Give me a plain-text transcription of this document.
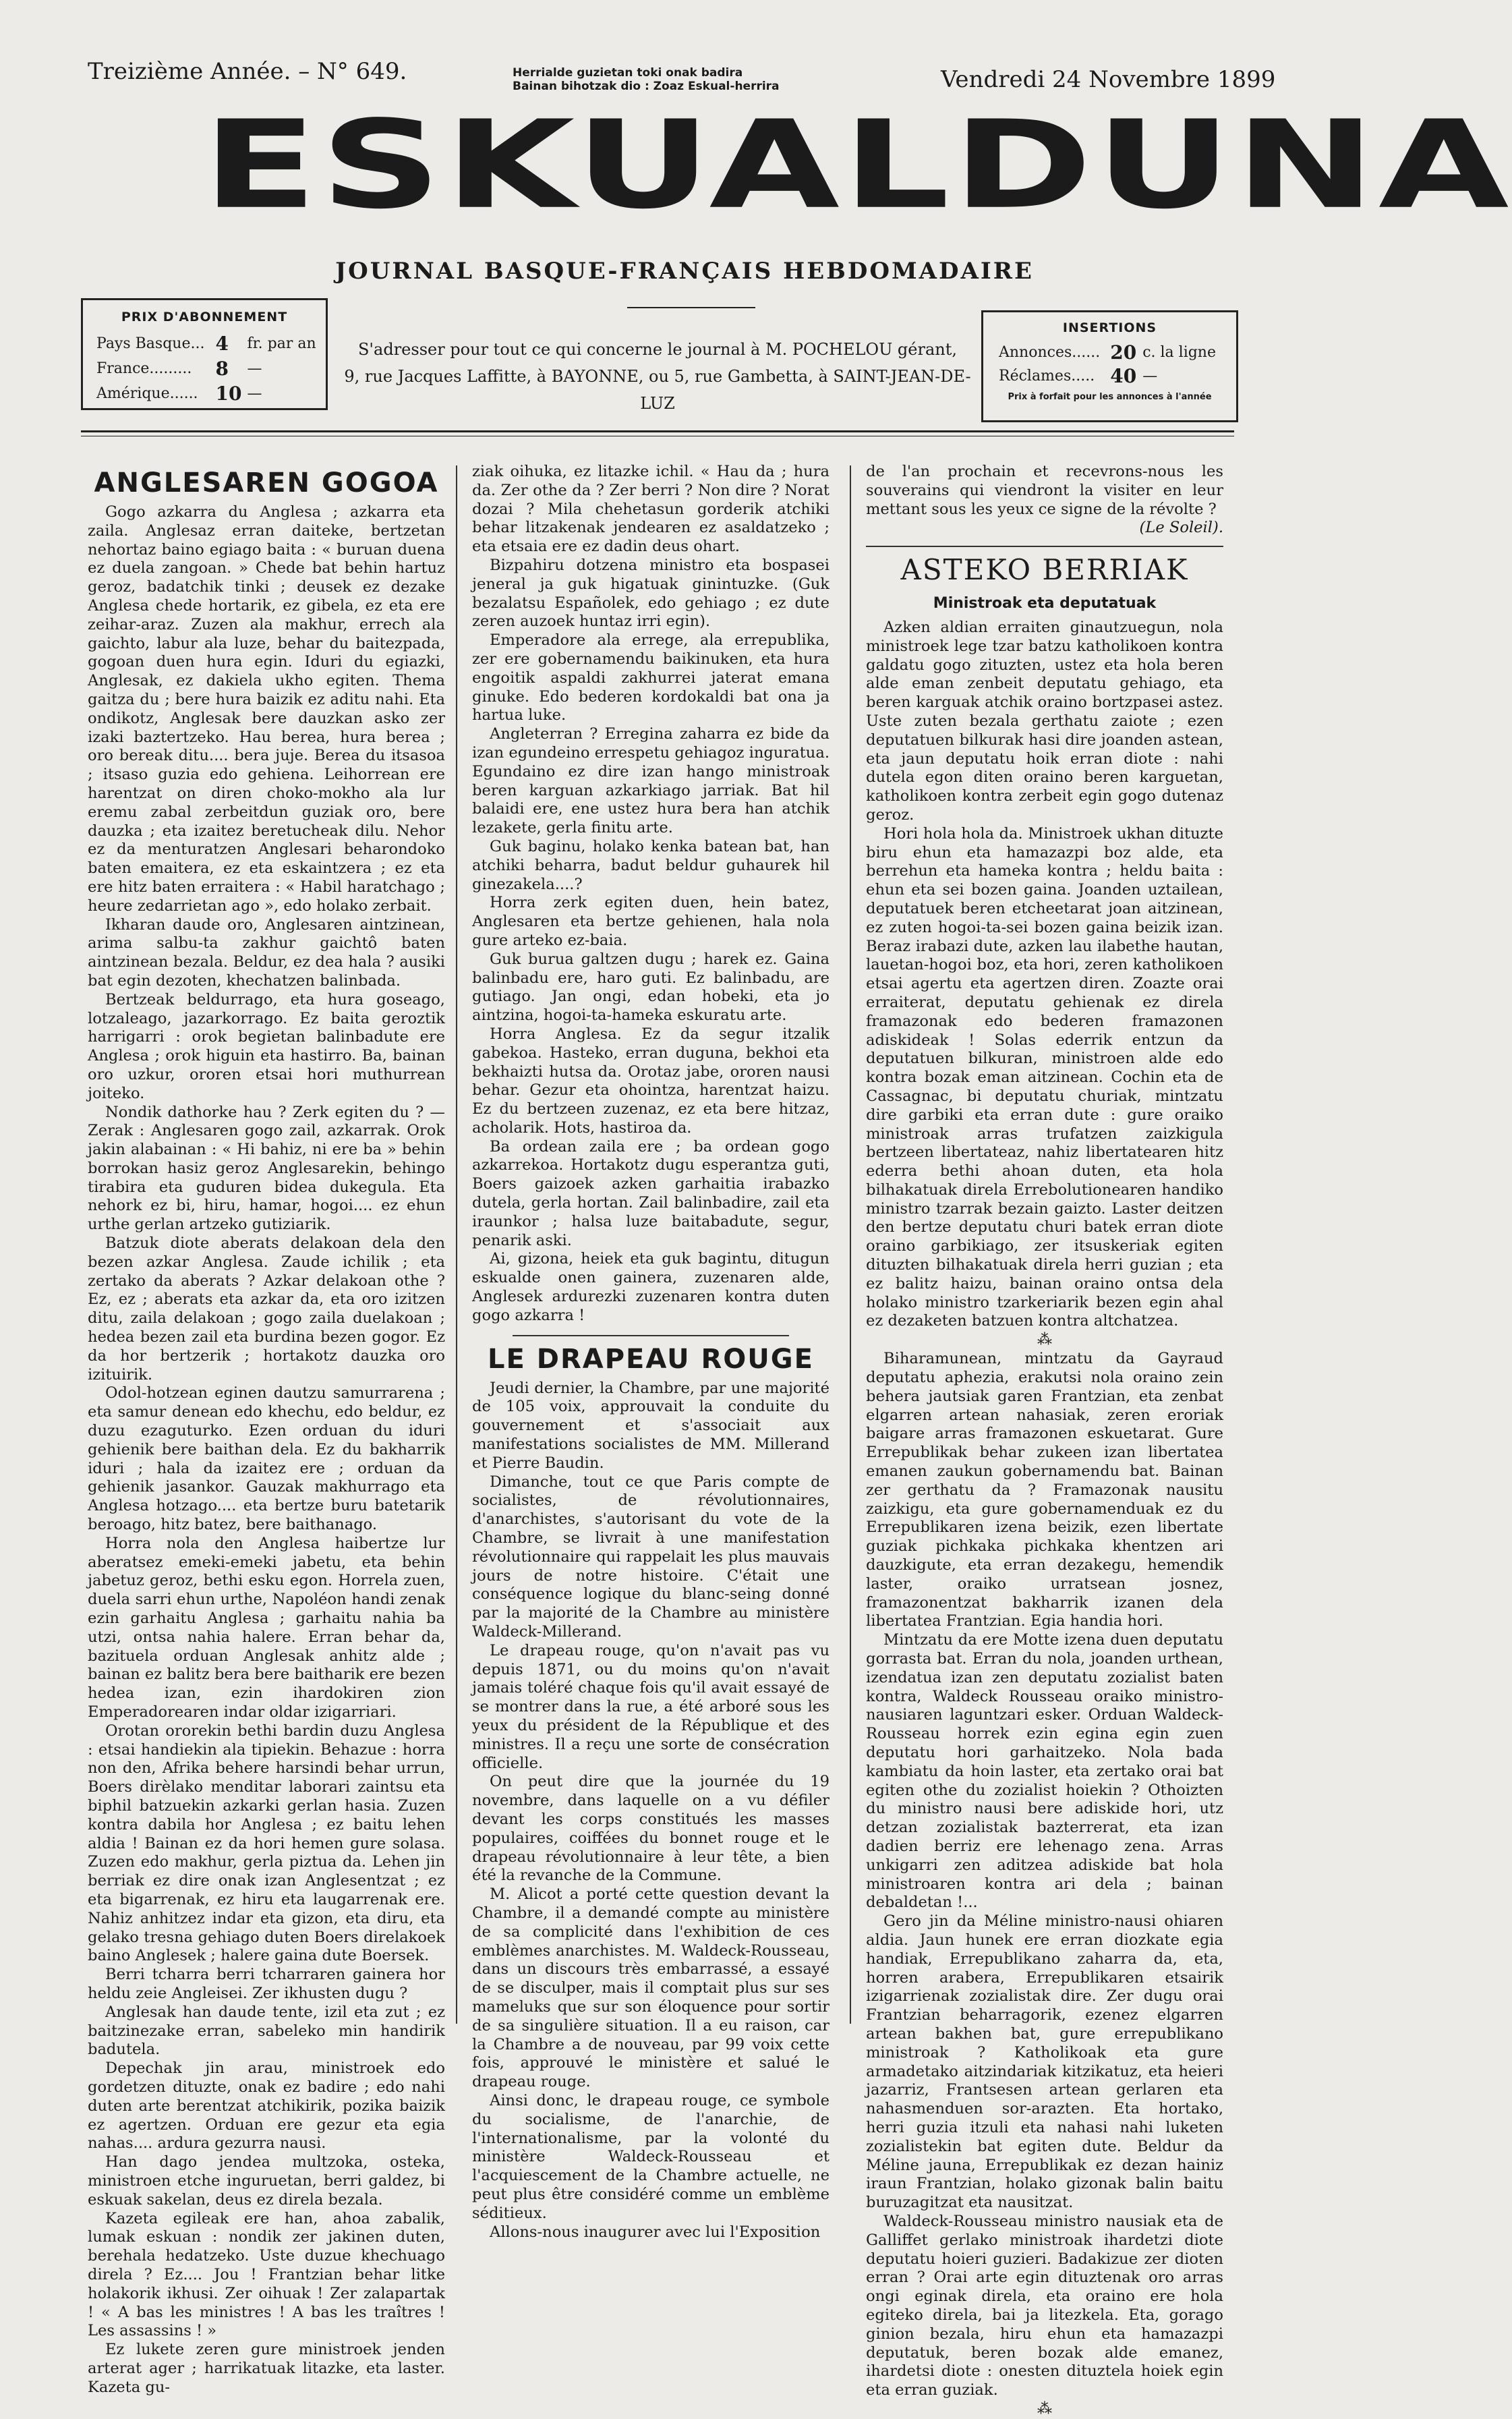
Treizième Année. – N° 649.	Herrialde guzietan toki onak badira
Bainan bihotzak dio : Zoaz Eskual-herrira	Vendredi 24 Novembre 1899
ESKUALDUNA
JOURNAL BASQUE-FRANÇAIS HEBDOMADAIRE
PRIX D'ABONNEMENT
Pays Basque...	4	fr. par an
France.........	8	—
Amérique......	10	—
S'adresser pour tout ce qui concerne le journal à M. POCHELOU gérant,
9, rue Jacques Laffitte, à BAYONNE, ou 5, rue Gambetta, à SAINT-JEAN-DE-LUZ
INSERTIONS
Annonces......	20	c. la ligne
Réclames.....	40	—
Prix à forfait pour les annonces à l'année
ANGLESAREN GOGOA

Gogo azkarra du Anglesa ; azkarra eta zaila. Anglesaz erran daiteke, bertzetan nehortaz baino egiago baita : « buruan duena ez duela zangoan. » Chede bat behin hartuz geroz, badatchik tinki ; deusek ez dezake Anglesa chede hortarik, ez gibela, ez eta ere zeihar-araz. Zuzen ala makhur, errech ala gaichto, labur ala luze, behar du baitezpada, gogoan duen hura egin. Iduri du egiazki, Anglesak, ez dakiela ukho egiten. Thema gaitza du ; bere hura baizik ez aditu nahi. Eta ondikotz, Anglesak bere dauzkan asko zer izaki baztertzeko. Hau berea, hura berea ; oro bereak ditu.... bera juje. Berea du itsasoa ; itsaso guzia edo gehiena. Leihorrean ere harentzat on diren choko-mokho ala lur eremu zabal zerbeitdun guziak oro, bere dauzka ; eta izaitez beretucheak dilu. Nehor ez da menturatzen Anglesari beharondoko baten emaitera, ez eta eskaintzera ; ez eta ere hitz baten erraitera : « Habil haratchago ; heure zedarrietan ago », edo holako zerbait.

Ikharan daude oro, Anglesaren aintzinean, arima salbu-ta zakhur gaichtô baten aintzinean bezala. Beldur, ez dea hala ? ausiki bat egin dezoten, khechatzen balinbada.

Bertzeak beldurrago, eta hura goseago, lotzaleago, jazarkorrago. Ez baita geroztik harrigarri : orok begietan balinbadute ere Anglesa ; orok higuin eta hastirro. Ba, bainan oro uzkur, ororen etsai hori muthurrean joiteko.

Nondik dathorke hau ? Zerk egiten du ? — Zerak : Anglesaren gogo zail, azkarrak. Orok jakin alabainan : « Hi bahiz, ni ere ba » behin borrokan hasiz geroz Anglesarekin, behingo tirabira eta guduren bidea dukegula. Eta nehork ez bi, hiru, hamar, hogoi.... ez ehun urthe gerlan artzeko gutiziarik.

Batzuk diote aberats delakoan dela den bezen azkar Anglesa. Zaude ichilik ; eta zertako da aberats ? Azkar delakoan othe ? Ez, ez ; aberats eta azkar da, eta oro izitzen ditu, zaila delakoan ; gogo zaila duelakoan ; hedea bezen zail eta burdina bezen gogor. Ez da hor bertzerik ; hortakotz dauzka oro izituirik.

Odol-hotzean eginen dautzu samurrarena ; eta samur denean edo khechu, edo beldur, ez duzu ezaguturko. Ezen orduan du iduri gehienik bere baithan dela. Ez du bakharrik iduri ; hala da izaitez ere ; orduan da gehienik jasankor. Gauzak makhurrago eta Anglesa hotzago.... eta bertze buru batetarik beroago, hitz batez, bere baithanago.

Horra nola den Anglesa haibertze lur aberatsez emeki-emeki jabetu, eta behin jabetuz geroz, bethi esku egon. Horrela zuen, duela sarri ehun urthe, Napoléon handi zenak ezin garhaitu Anglesa ; garhaitu nahia ba utzi, ontsa nahia halere. Erran behar da, bazituela orduan Anglesak anhitz alde ; bainan ez balitz bera bere baitharik ere bezen hedea izan, ezin ihardokiren zion Emperadorearen indar oldar izigarriari.

Orotan ororekin bethi bardin duzu Anglesa : etsai handiekin ala tipiekin. Behazue : horra non den, Afrika behere harsindi behar urrun, Boers dirèlako menditar laborari zaintsu eta biphil batzuekin azkarki gerlan hasia. Zuzen kontra dabila hor Anglesa ; ez baitu lehen aldia ! Bainan ez da hori hemen gure solasa. Zuzen edo makhur, gerla piztua da. Lehen jin berriak ez dire onak izan Anglesentzat ; ez eta bigarrenak, ez hiru eta laugarrenak ere. Nahiz anhitzez indar eta gizon, eta diru, eta gelako tresna gehiago duten Boers direlakoek baino Anglesek ; halere gaina dute Boersek.

Berri tcharra berri tcharraren gainera hor heldu zeie Angleisei. Zer ikhusten dugu ?

Anglesak han daude tente, izil eta zut ; ez baitzinezake erran, sabeleko min handirik badutela.

Depechak jin arau, ministroek edo gordetzen dituzte, onak ez badire ; edo nahi duten arte berentzat atchikirik, pozika baizik ez agertzen. Orduan ere gezur eta egia nahas.... ardura gezurra nausi.

Han dago jendea multzoka, osteka, ministroen etche inguruetan, berri galdez, bi eskuak sakelan, deus ez direla bezala.

Kazeta egileak ere han, ahoa zabalik, lumak eskuan : nondik zer jakinen duten, berehala hedatzeko. Uste duzue khechuago direla ? Ez.... Jou ! Frantzian behar litke holakorik ikhusi. Zer oihuak ! Zer zalapartak ! « A bas les ministres ! A bas les traîtres ! Les assassins ! »

Ez lukete zeren gure ministroek jenden arterat ager ; harrikatuak litazke, eta laster. Kazeta gu-

ziak oihuka, ez litazke ichil. « Hau da ; hura da. Zer othe da ? Zer berri ? Non dire ? Norat dozai ? Mila chehetasun gorderik atchiki behar litzakenak jendearen ez asaldatzeko ; eta etsaia ere ez dadin deus ohart.

Bizpahiru dotzena ministro eta bospasei jeneral ja guk higatuak ginintuzke. (Guk bezalatsu Españolek, edo gehiago ; ez dute zeren auzoek huntaz irri egin).

Emperadore ala errege, ala errepublika, zer ere gobernamendu baikinuken, eta hura engoitik aspaldi zakhurrei jaterat emana ginuke. Edo bederen kordokaldi bat ona ja hartua luke.

Angleterran ? Erregina zaharra ez bide da izan egundeino errespetu gehiagoz inguratua. Egundaino ez dire izan hango ministroak beren karguan azkarkiago jarriak. Bat hil balaidi ere, ene ustez hura bera han atchik lezakete, gerla finitu arte.

Guk baginu, holako kenka batean bat, han atchiki beharra, badut beldur guhaurek hil ginezakela....?

Horra zerk egiten duen, hein batez, Anglesaren eta bertze gehienen, hala nola gure arteko ez-baia.

Guk burua galtzen dugu ; harek ez. Gaina balinbadu ere, haro guti. Ez balinbadu, are gutiago. Jan ongi, edan hobeki, eta jo aintzina, hogoi-ta-hameka eskuratu arte.

Horra Anglesa. Ez da segur itzalik gabekoa. Hasteko, erran duguna, bekhoi eta bekhaizti hutsa da. Orotaz jabe, ororen nausi behar. Gezur eta ohointza, harentzat haizu. Ez du bertzeen zuzenaz, ez eta bere hitzaz, acholarik. Hots, hastiroa da.

Ba ordean zaila ere ; ba ordean gogo azkarrekoa. Hortakotz dugu esperantza guti, Boers gaizoek azken garhaitia irabazko dutela, gerla hortan. Zail balinbadire, zail eta iraunkor ; halsa luze baitabadute, segur, penarik aski.

Ai, gizona, heiek eta guk bagintu, ditugun eskualde onen gainera, zuzenaren alde, Anglesek ardurezki zuzenaren kontra duten gogo azkarra !

LE DRAPEAU ROUGE

Jeudi dernier, la Chambre, par une majorité de 105 voix, approuvait la conduite du gouvernement et s'associait aux manifestations socialistes de MM. Millerand et Pierre Baudin.

Dimanche, tout ce que Paris compte de socialistes, de révolutionnaires, d'anarchistes, s'autorisant du vote de la Chambre, se livrait à une manifestation révolutionnaire qui rappelait les plus mauvais jours de notre histoire. C'était une conséquence logique du blanc-seing donné par la majorité de la Chambre au ministère Waldeck-Millerand.

Le drapeau rouge, qu'on n'avait pas vu depuis 1871, ou du moins qu'on n'avait jamais toléré chaque fois qu'il avait essayé de se montrer dans la rue, a été arboré sous les yeux du président de la République et des ministres. Il a reçu une sorte de consécration officielle.

On peut dire que la journée du 19 novembre, dans laquelle on a vu défiler devant les corps constitués les masses populaires, coiffées du bonnet rouge et le drapeau révolutionnaire à leur tête, a bien été la revanche de la Commune.

M. Alicot a porté cette question devant la Chambre, il a demandé compte au ministère de sa complicité dans l'exhibition de ces emblèmes anarchistes. M. Waldeck-Rousseau, dans un discours très embarrassé, a essayé de se disculper, mais il comptait plus sur ses mameluks que sur son éloquence pour sortir de sa singulière situation. Il a eu raison, car la Chambre a de nouveau, par 99 voix cette fois, approuvé le ministère et salué le drapeau rouge.

Ainsi donc, le drapeau rouge, ce symbole du socialisme, de l'anarchie, de l'internationalisme, par la volonté du ministère Waldeck-Rousseau et l'acquiescement de la Chambre actuelle, ne peut plus être considéré comme un emblème séditieux.

Allons-nous inaugurer avec lui l'Exposition

de l'an prochain et recevrons-nous les souverains qui viendront la visiter en leur mettant sous les yeux ce signe de la révolte ?

(Le Soleil).
ASTEKO BERRIAK
Ministroak eta deputatuak

Azken aldian erraiten ginautzuegun, nola ministroek lege tzar batzu katholikoen kontra galdatu gogo zituzten, ustez eta hola beren alde eman zenbeit deputatu gehiago, eta beren karguak atchik oraino bortzpasei astez. Uste zuten bezala gerthatu zaiote ; ezen deputatuen bilkurak hasi dire joanden astean, eta jaun deputatu hoik erran diote : nahi dutela egon diten oraino beren karguetan, katholikoen kontra zerbeit egin gogo dutenaz geroz.

Hori hola hola da. Ministroek ukhan dituzte biru ehun eta hamazazpi boz alde, eta berrehun eta hameka kontra ; heldu baita : ehun eta sei bozen gaina. Joanden uztailean, deputatuek beren etcheetarat joan aitzinean, ez zuten hogoi-ta-sei bozen gaina beizik izan. Beraz irabazi dute, azken lau ilabethe hautan, lauetan-hogoi boz, eta hori, zeren katholikoen etsai agertu eta agertzen diren. Zoazte orai erraiterat, deputatu gehienak ez direla framazonak edo bederen framazonen adiskideak ! Solas ederrik entzun da deputatuen bilkuran, ministroen alde edo kontra bozak eman aitzinean. Cochin eta de Cassagnac, bi deputatu churiak, mintzatu dire garbiki eta erran dute : gure oraiko ministroak arras trufatzen zaizkigula bertzeen libertateaz, nahiz libertatearen hitz ederra bethi ahoan duten, eta hola bilhakatuak direla Errebolutionearen handiko ministro tzarrak bezain gaizto. Laster deitzen den bertze deputatu churi batek erran diote oraino garbikiago, zer itsuskeriak egiten dituzten bilhakatuak direla herri guzian ; eta ez balitz haizu, bainan oraino ontsa dela holako ministro tzarkeriarik bezen egin ahal ez dezaketen batzuen kontra altchatzea.

⁂

Biharamunean, mintzatu da Gayraud deputatu aphezia, erakutsi nola oraino zein behera jautsiak garen Frantzian, eta zenbat elgarren artean nahasiak, zeren eroriak baigare arras framazonen eskuetarat. Gure Errepublikak behar zukeen izan libertatea emanen zaukun gobernamendu bat. Bainan zer gerthatu da ? Framazonak nausitu zaizkigu, eta gure gobernamenduak ez du Errepublikaren izena beizik, ezen libertate guziak pichkaka pichkaka khentzen ari dauzkigute, eta erran dezakegu, hemendik laster, oraiko urratsean josnez, framazonentzat bakharrik izanen dela libertatea Frantzian. Egia handia hori.

Mintzatu da ere Motte izena duen deputatu gorrasta bat. Erran du nola, joanden urthean, izendatua izan zen deputatu zozialist baten kontra, Waldeck Rousseau oraiko ministro-nausiaren laguntzari esker. Orduan Waldeck-Rousseau horrek ezin egina egin zuen deputatu hori garhaitzeko. Nola bada kambiatu da hoin laster, eta zertako orai bat egiten othe du zozialist hoiekin ? Othoizten du ministro nausi bere adiskide hori, utz detzan zozialistak bazterrerat, eta izan dadien berriz ere lehenago zena. Arras unkigarri zen aditzea adiskide bat hola ministroaren kontra ari dela ; bainan debaldetan !...

Gero jin da Méline ministro-nausi ohiaren aldia. Jaun hunek ere erran diozkate egia handiak, Errepublikano zaharra da, eta, horren arabera, Errepublikaren etsairik izigarrienak zozialistak dire. Zer dugu orai Frantzian beharragorik, ezenez elgarren artean bakhen bat, gure errepublikano ministroak ? Katholikoak eta gure armadetako aitzindariak kitzikatuz, eta heieri jazarriz, Frantsesen artean gerlaren eta nahasmenduen sor-arazten. Eta hortako, herri guzia itzuli eta nahasi nahi luketen zozialistekin bat egiten dute. Beldur da Méline jauna, Errepublikak ez dezan hainiz iraun Frantzian, holako gizonak balin baitu buruzagitzat eta nausitzat.

Waldeck-Rousseau ministro nausiak eta de Galliffet gerlako ministroak ihardetzi diote deputatu hoieri guzieri. Badakizue zer dioten erran ? Orai arte egin dituztenak oro arras ongi eginak direla, eta oraino ere hola egiteko direla, bai ja litezkela. Eta, gorago ginion bezala, hiru ehun eta hamazazpi deputatuk, beren bozak alde emanez, ihardetsi diote : onesten dituztela hoiek egin eta erran guziak.

⁂
